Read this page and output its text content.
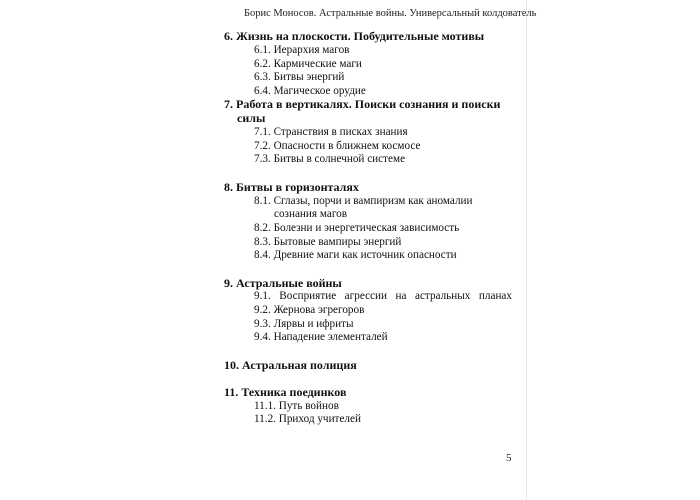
Борис Моносов. Астральные войны. Универсальный колдователь
6. Жизнь на плоскости. Побудительные мотивы
6.1. Иерархия магов
6.2. Кармические маги
6.3. Битвы энергий
6.4. Магическое орудие
7. Работа в вертикалях. Поиски сознания и поиски
силы
7.1. Странствия в писках знания
7.2. Опасности в ближнем космосе
7.3. Битвы в солнечной системе
8. Битвы в горизонталях
8.1. Сглазы, порчи и вампиризм как аномалии
сознания магов
8.2. Болезни и энергетическая зависимость
8.3. Бытовые вампиры энергий
8.4. Древние маги как источник опасности
9. Астральные войны
9.1. Восприятие агрессии на астральных планах
9.2. Жернова эгрегоров
9.3. Лярвы и ифриты
9.4. Нападение элементалей
10. Астральная полиция
11. Техника поединков
11.1. Путь войнов
11.2. Приход учителей
5
